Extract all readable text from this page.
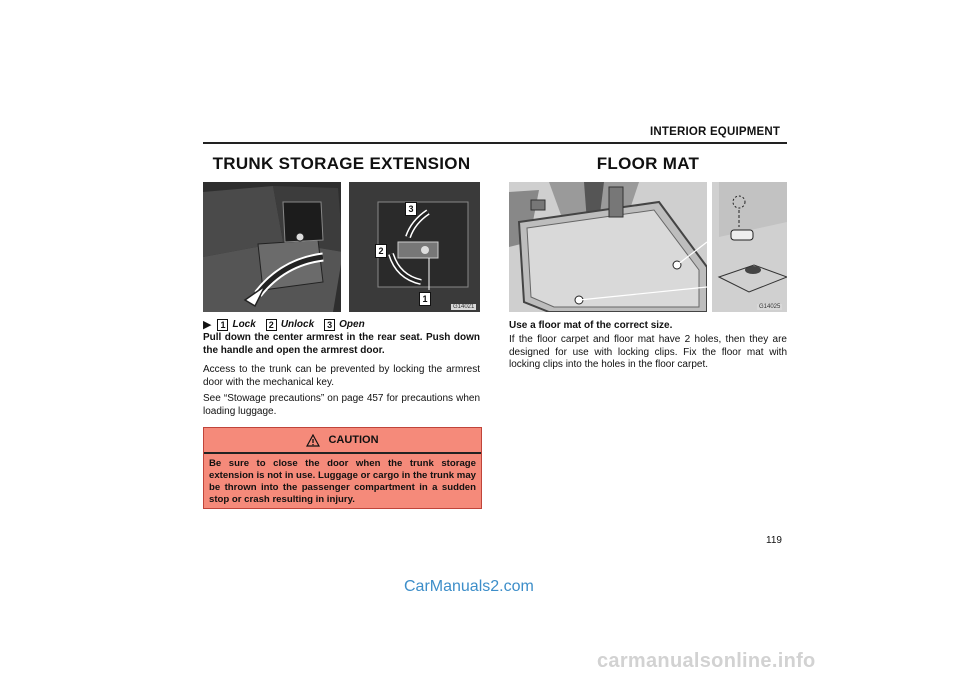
INTERIOR EQUIPMENT
TRUNK STORAGE EXTENSION	FLOOR MAT
3
2
1
G14021	G14025
▶ 1 Lock	2 Unlock	3 Open
Pull down the center armrest in the rear seat. Push down the handle and open the armrest door.
Access to the trunk can be prevented by locking the armrest door with the mechanical key.
See “Stowage precautions” on page 457 for precautions when loading luggage.
CAUTION
Be sure to close the door when the trunk storage extension is not in use. Luggage or cargo in the trunk may be thrown into the passenger compartment in a sudden stop or crash resulting in injury.
Use a floor mat of the correct size.
If the floor carpet and floor mat have 2 holes, then they are designed for use with locking clips. Fix the floor mat with locking clips into the holes in the floor carpet.
119
CarManuals2.com
carmanualsonline.info
